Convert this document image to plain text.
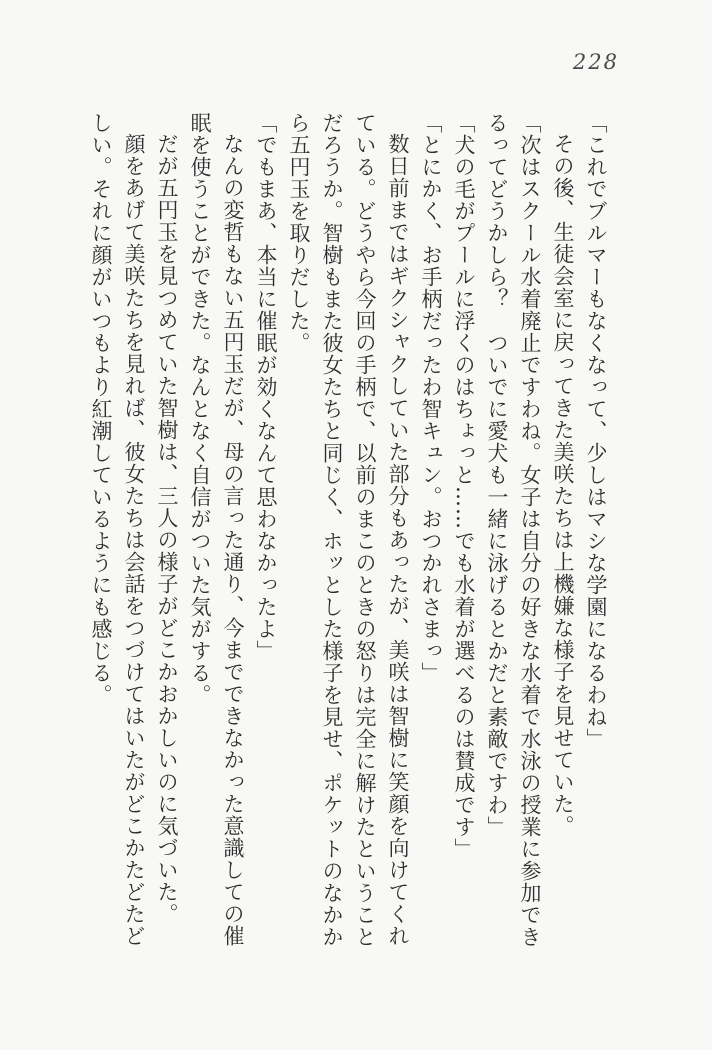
228

「これでブルマーもなくなって、少しはマシな学園になるわね」

その後、生徒会室に戻ってきた美咲たちは上機嫌な様子を見せていた。

「次はスクール水着廃止ですわね。女子は自分の好きな水着で水泳の授業に参加できるってどうかしら？　ついでに愛犬も一緒に泳げるとかだと素敵ですわ」

「犬の毛がプールに浮くのはちょっと……でも水着が選べるのは賛成です」

「とにかく、お手柄だったわ智キュン。おつかれさまっ」

数日前まではギクシャクしていた部分もあったが、美咲は智樹に笑顔を向けてくれている。どうやら今回の手柄で、以前のまこのときの怒りは完全に解けたということだろうか。智樹もまた彼女たちと同じく、ホッとした様子を見せ、ポケットのなかから五円玉を取りだした。

「でもまあ、本当に催眠が効くなんて思わなかったよ」

なんの変哲もない五円玉だが、母の言った通り、今までできなかった意識しての催眠を使うことができた。なんとなく自信がついた気がする。

だが五円玉を見つめていた智樹は、三人の様子がどこかおかしいのに気づいた。

顔をあげて美咲たちを見れば、彼女たちは会話をつづけてはいたがどこかたどたどしい。それに顔がいつもより紅潮しているようにも感じる。
